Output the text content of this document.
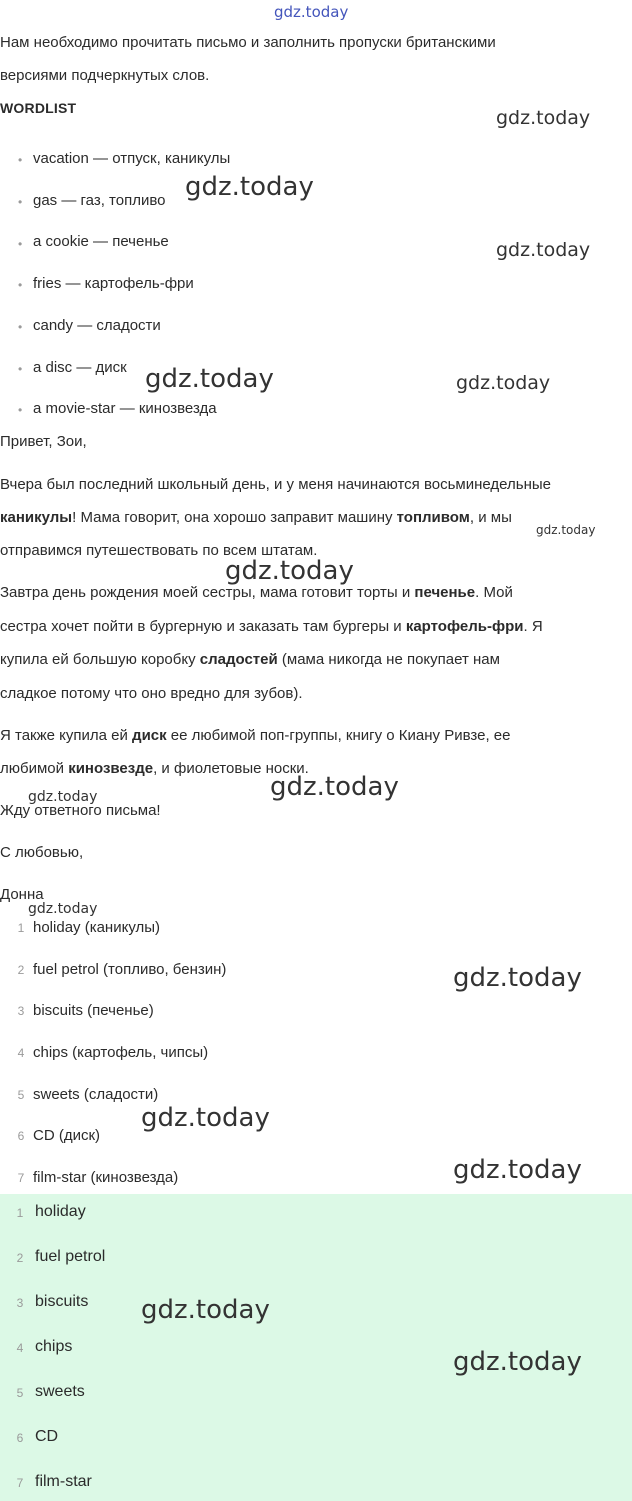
gdz.today
Нам необходимо прочитать письмо и заполнить пропуски британскими
версиями подчеркнутых слов.
WORDLIST
• vacation — отпуск, каникулы
• gas — газ, топливо
• a cookie — печенье
• fries — картофель-фри
• candy — сладости
• a disc — диск
• a movie-star — кинозвезда
Привет, Зои,
Вчера был последний школьный день, и у меня начинаются восьминедельные
каникулы! Мама говорит, она хорошо заправит машину топливом, и мы
отправимся путешествовать по всем штатам.
Завтра день рождения моей сестры, мама готовит торты и печенье. Мой
сестра хочет пойти в бургерную и заказать там бургеры и картофель-фри. Я
купила ей большую коробку сладостей (мама никогда не покупает нам
сладкое потому что оно вредно для зубов).
Я также купила ей диск ее любимой поп-группы, книгу о Киану Ривзе, ее
любимой кинозвезде, и фиолетовые носки.
Жду ответного письма!
С любовью,
Донна
1 holiday (каникулы)
2 fuel petrol (топливо, бензин)
3 biscuits (печенье)
4 chips (картофель, чипсы)
5 sweets (сладости)
6 CD (диск)
7 film-star (кинозвезда)
1 holiday
2 fuel petrol
3 biscuits
4 chips
5 sweets
6 CD
7 film-star
gdz.today
gdz.today
gdz.today
gdz.today	gdz.today
gdz.today
gdz.today
gdz.today
gdz.today
gdz.today
gdz.today
gdz.today
gdz.today
gdz.today
gdz.today
